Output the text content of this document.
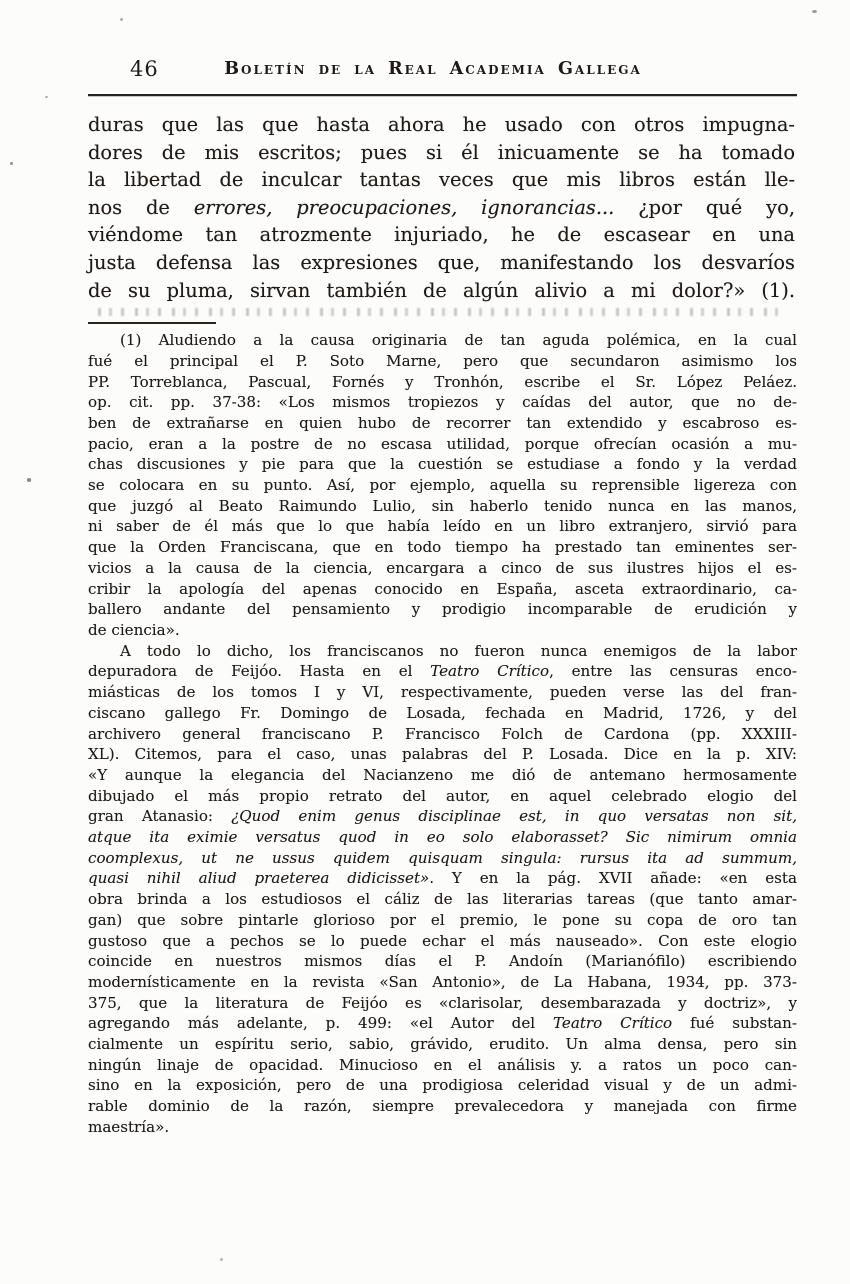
46	Boletín de la Real Academia Gallega
duras que las que hasta ahora he usado con otros impugna-
dores de mis escritos; pues si él inicuamente se ha tomado
la libertad de inculcar tantas veces que mis libros están lle-
nos de errores, preocupaciones, ignorancias... ¿por qué yo,
viéndome tan atrozmente injuriado, he de escasear en una
justa defensa las expresiones que, manifestando los desvaríos
de su pluma, sirvan también de algún alivio a mi dolor?» (1).
(1) Aludiendo a la causa originaria de tan aguda polémica, en la cual
fué el principal el P. Soto Marne, pero que secundaron asimismo los
PP. Torreblanca, Pascual, Fornés y Tronhón, escribe el Sr. López Peláez.
op. cit. pp. 37-38: «Los mismos tropiezos y caídas del autor, que no de-
ben de extrañarse en quien hubo de recorrer tan extendido y escabroso es-
pacio, eran a la postre de no escasa utilidad, porque ofrecían ocasión a mu-
chas discusiones y pie para que la cuestión se estudiase a fondo y la verdad
se colocara en su punto. Así, por ejemplo, aquella su reprensible ligereza con
que juzgó al Beato Raimundo Lulio, sin haberlo tenido nunca en las manos,
ni saber de él más que lo que había leído en un libro extranjero, sirvió para
que la Orden Franciscana, que en todo tiempo ha prestado tan eminentes ser-
vicios a la causa de la ciencia, encargara a cinco de sus ilustres hijos el es-
cribir la apología del apenas conocido en España, asceta extraordinario, ca-
ballero andante del pensamiento y prodigio incomparable de erudición y
de ciencia».
A todo lo dicho, los franciscanos no fueron nunca enemigos de la labor
depuradora de Feijóo. Hasta en el Teatro Crítico, entre las censuras enco-
miásticas de los tomos I y VI, respectivamente, pueden verse las del fran-
ciscano gallego Fr. Domingo de Losada, fechada en Madrid, 1726, y del
archivero general franciscano P. Francisco Folch de Cardona (pp. XXXIII-
XL). Citemos, para el caso, unas palabras del P. Losada. Dice en la p. XIV:
«Y aunque la elegancia del Nacianzeno me dió de antemano hermosamente
dibujado el más propio retrato del autor, en aquel celebrado elogio del
gran Atanasio: ¿Quod enim genus disciplinae est, in quo versatas non sit,
atque ita eximie versatus quod in eo solo elaborasset? Sic nimirum omnia
coomplexus, ut ne ussus quidem quisquam singula: rursus ita ad summum,
quasi nihil aliud praeterea didicisset». Y en la pág. XVII añade: «en esta
obra brinda a los estudiosos el cáliz de las literarias tareas (que tanto amar-
gan) que sobre pintarle glorioso por el premio, le pone su copa de oro tan
gustoso que a pechos se lo puede echar el más nauseado». Con este elogio
coincide en nuestros mismos días el P. Andoín (Marianófilo) escribiendo
modernísticamente en la revista «San Antonio», de La Habana, 1934, pp. 373-
375, que la literatura de Feijóo es «clarisolar, desembarazada y doctriz», y
agregando más adelante, p. 499: «el Autor del Teatro Crítico fué substan-
cialmente un espíritu serio, sabio, grávido, erudito. Un alma densa, pero sin
ningún linaje de opacidad. Minucioso en el análisis y. a ratos un poco can-
sino en la exposición, pero de una prodigiosa celeridad visual y de un admi-
rable dominio de la razón, siempre prevalecedora y manejada con firme
maestría».
